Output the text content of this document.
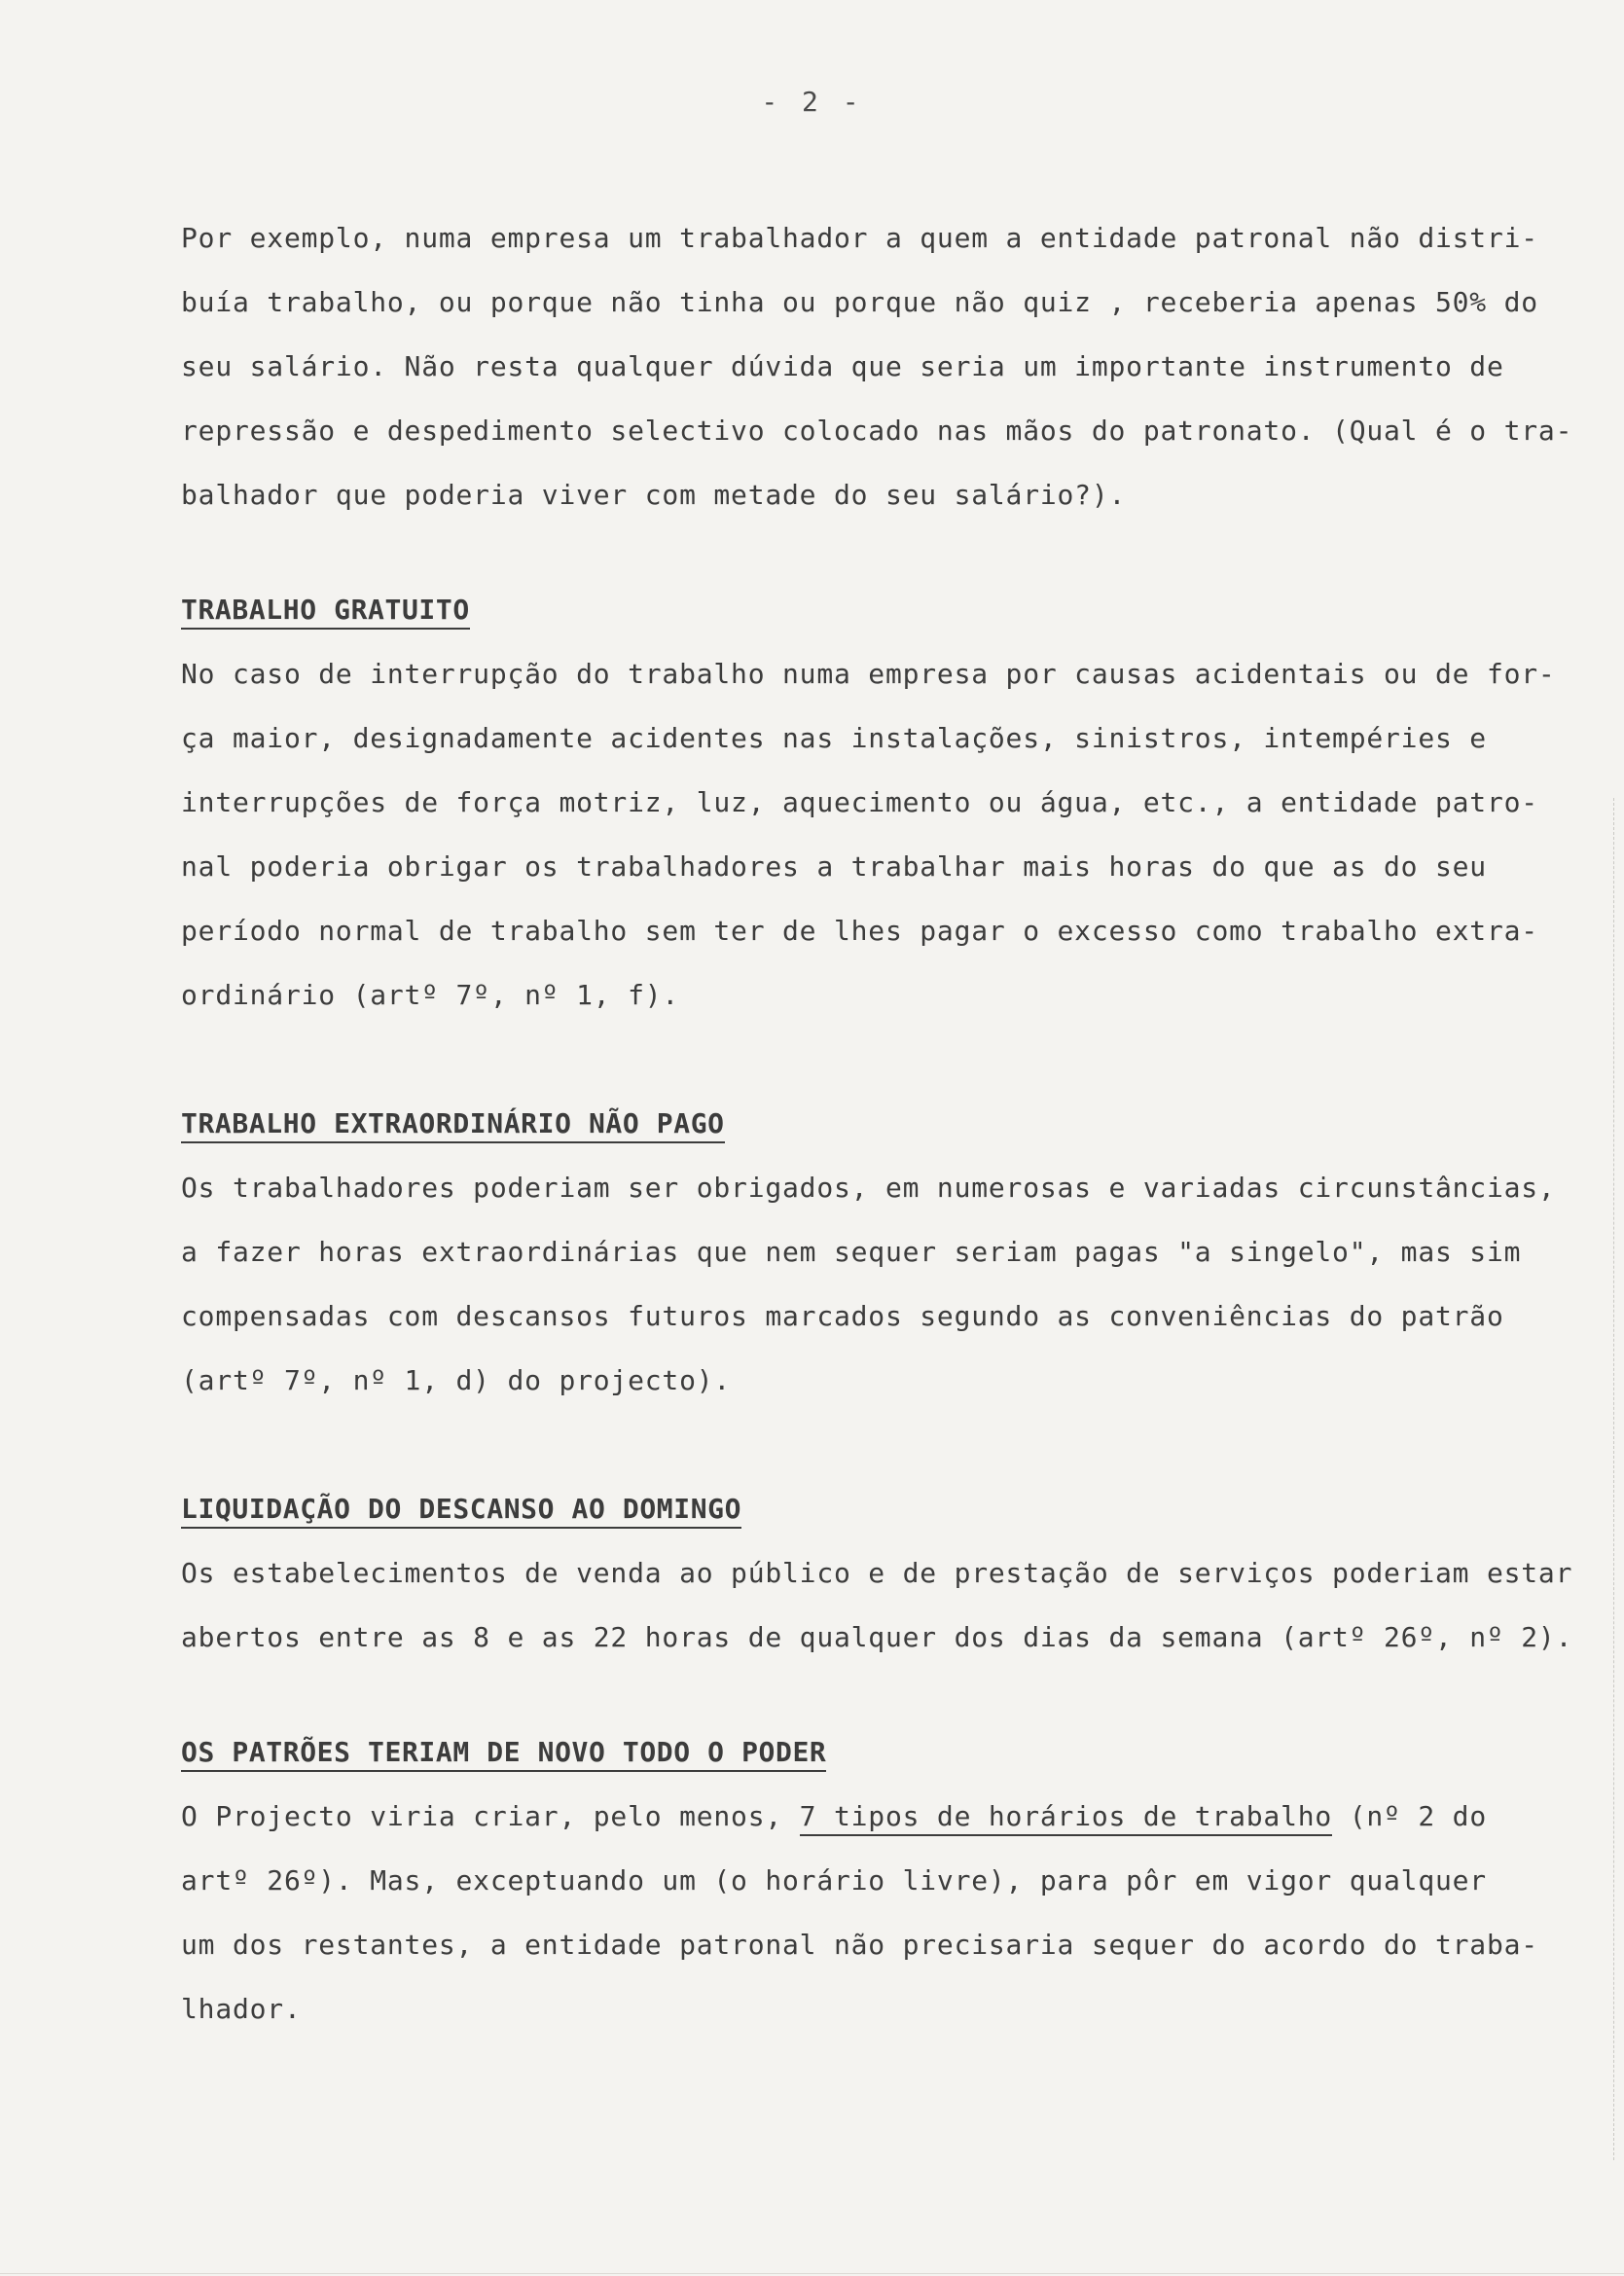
- 2 -

Por exemplo, numa empresa um trabalhador a quem a entidade patronal não distri-
buía trabalho, ou porque não tinha ou porque não quiz , receberia apenas 50% do
seu salário. Não resta qualquer dúvida que seria um importante instrumento de
repressão e despedimento selectivo colocado nas mãos do patronato. (Qual é o tra-
balhador que poderia viver com metade do seu salário?).

TRABALHO GRATUITO

No caso de interrupção do trabalho numa empresa por causas acidentais ou de for-
ça maior, designadamente acidentes nas instalações, sinistros, intempéries e
interrupções de força motriz, luz, aquecimento ou água, etc., a entidade patro-
nal poderia obrigar os trabalhadores a trabalhar mais horas do que as do seu
período normal de trabalho sem ter de lhes pagar o excesso como trabalho extra-
ordinário (artº 7º, nº 1, f).

TRABALHO EXTRAORDINÁRIO NÃO PAGO

Os trabalhadores poderiam ser obrigados, em numerosas e variadas circunstâncias,
a fazer horas extraordinárias que nem sequer seriam pagas "a singelo", mas sim
compensadas com descansos futuros marcados segundo as conveniências do patrão
(artº 7º, nº 1, d) do projecto).

LIQUIDAÇÃO DO DESCANSO AO DOMINGO

Os estabelecimentos de venda ao público e de prestação de serviços poderiam estar
abertos entre as 8 e as 22 horas de qualquer dos dias da semana (artº 26º, nº 2).

OS PATRÕES TERIAM DE NOVO TODO O PODER

O Projecto viria criar, pelo menos, 7 tipos de horários de trabalho (nº 2 do
artº 26º). Mas, exceptuando um (o horário livre), para pôr em vigor qualquer
um dos restantes, a entidade patronal não precisaria sequer do acordo do traba-
lhador.
